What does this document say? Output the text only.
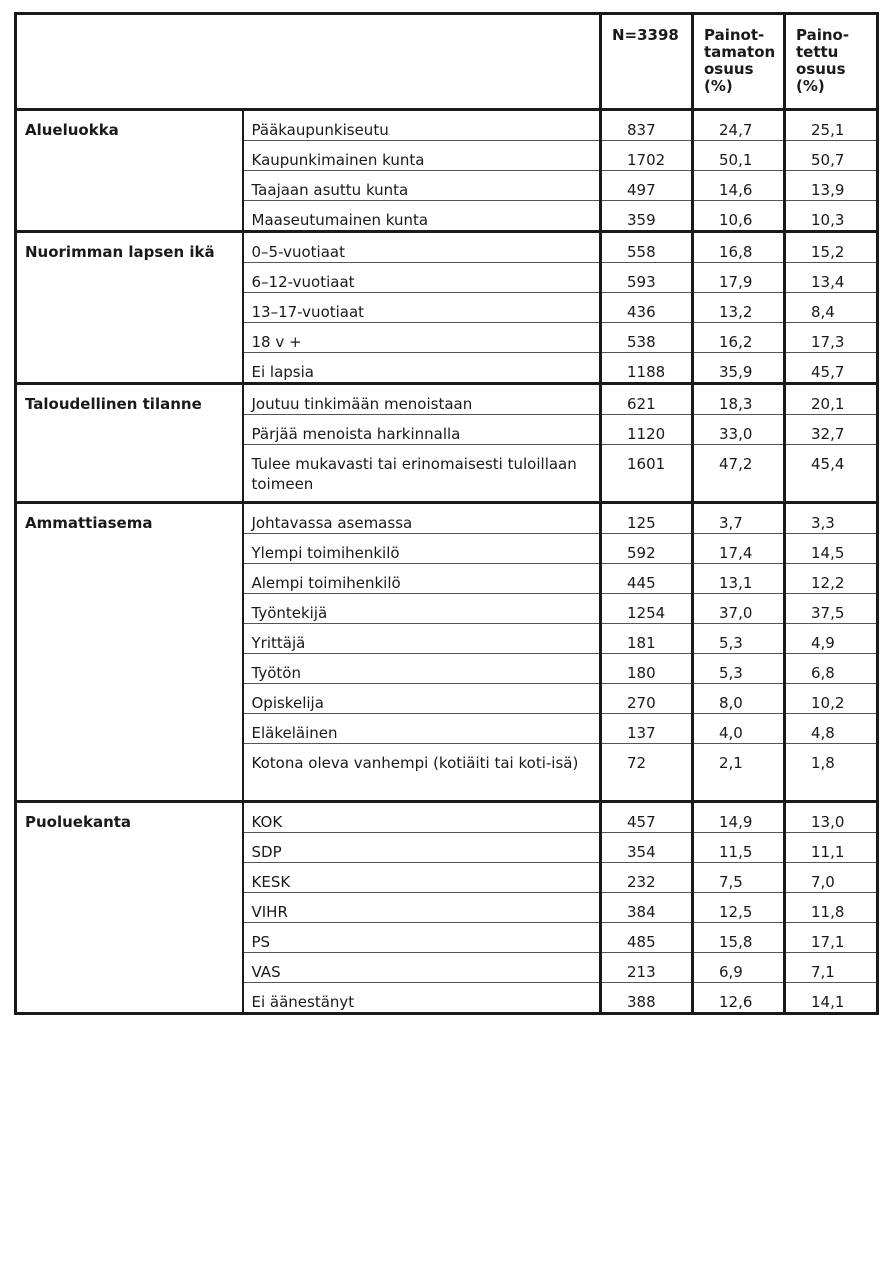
		N=3398	Painot-
tamaton
osuus
(%)	Paino-
tettu
osuus
(%)
Alueluokka	Pääkaupunkiseutu	837	24,7	25,1
	Kaupunkimainen kunta	1702	50,1	50,7
	Taajaan asuttu kunta	497	14,6	13,9
	Maaseutumainen kunta	359	10,6	10,3
Nuorimman lapsen ikä	0–5-vuotiaat	558	16,8	15,2
	6–12-vuotiaat	593	17,9	13,4
	13–17-vuotiaat	436	13,2	8,4
	18 v +	538	16,2	17,3
	Ei lapsia	1188	35,9	45,7
Taloudellinen tilanne	Joutuu tinkimään menoistaan	621	18,3	20,1
	Pärjää menoista harkinnalla	1120	33,0	32,7
	Tulee mukavasti tai erinomaisesti tuloillaan toimeen	1601	47,2	45,4
Ammattiasema	Johtavassa asemassa	125	3,7	3,3
	Ylempi toimihenkilö	592	17,4	14,5
	Alempi toimihenkilö	445	13,1	12,2
	Työntekijä	1254	37,0	37,5
	Yrittäjä	181	5,3	4,9
	Työtön	180	5,3	6,8
	Opiskelija	270	8,0	10,2
	Eläkeläinen	137	4,0	4,8
	Kotona oleva vanhempi (kotiäiti tai koti-isä)	72	2,1	1,8
Puoluekanta	KOK	457	14,9	13,0
	SDP	354	11,5	11,1
	KESK	232	7,5	7,0
	VIHR	384	12,5	11,8
	PS	485	15,8	17,1
	VAS	213	6,9	7,1
	Ei äänestänyt	388	12,6	14,1
